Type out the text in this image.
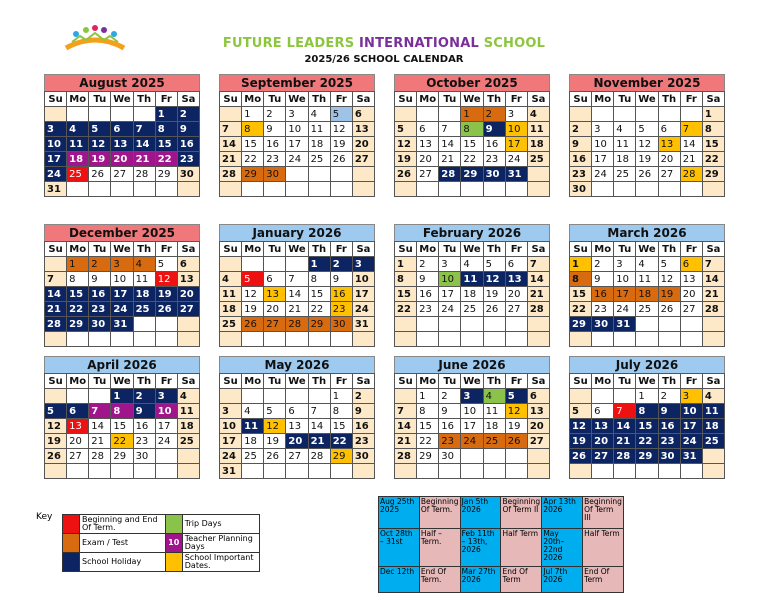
FUTURE LEADERS INTERNATIONAL SCHOOL
2025/26 SCHOOL CALENDAR
August 2025
Su	Mo	Tu	We	Th	Fr	Sa
					1	2
3	4	5	6	7	8	9
10	11	12	13	14	15	16
17	18	19	20	21	22	23
24	25	26	27	28	29	30
31						
September 2025
Su	Mo	Tu	We	Th	Fr	Sa
	1	2	3	4	5	6
7	8	9	10	11	12	13
14	15	16	17	18	19	20
21	22	23	24	25	26	27
28	29	30				

October 2025
Su	Mo	Tu	We	Th	Fr	Sa
			1	2	3	4
5	6	7	8	9	10	11
12	13	14	15	16	17	18
19	20	21	22	23	24	25
26	27	28	29	30	31	

November 2025
Su	Mo	Tu	We	Th	Fr	Sa
						1
2	3	4	5	6	7	8
9	10	11	12	13	14	15
16	17	18	19	20	21	22
23	24	25	26	27	28	29
30						
December 2025
Su	Mo	Tu	We	Th	Fr	Sa
	1	2	3	4	5	6
7	8	9	10	11	12	13
14	15	16	17	18	19	20
21	22	23	24	25	26	27
28	29	30	31			

January 2026
Su	Mo	Tu	We	Th	Fr	Sa
				1	2	3
4	5	6	7	8	9	10
11	12	13	14	15	16	17
18	19	20	21	22	23	24
25	26	27	28	29	30	31

February 2026
Su	Mo	Tu	We	Th	Fr	Sa
1	2	3	4	5	6	7
8	9	10	11	12	13	14
15	16	17	18	19	20	21
22	23	24	25	26	27	28

March 2026
Su	Mo	Tu	We	Th	Fr	Sa
1	2	3	4	5	6	7
8	9	10	11	12	13	14
15	16	17	18	19	20	21
22	23	24	25	26	27	28
29	30	31				

April 2026
Su	Mo	Tu	We	Th	Fr	Sa
			1	2	3	4
5	6	7	8	9	10	11
12	13	14	15	16	17	18
19	20	21	22	23	24	25
26	27	28	29	30		

May 2026
Su	Mo	Tu	We	Th	Fr	Sa
					1	2
3	4	5	6	7	8	9
10	11	12	13	14	15	16
17	18	19	20	21	22	23
24	25	26	27	28	29	30
31						
June 2026
Su	Mo	Tu	We	Th	Fr	Sa
	1	2	3	4	5	6
7	8	9	10	11	12	13
14	15	16	17	18	19	20
21	22	23	24	25	26	27
28	29	30				

July 2026
Su	Mo	Tu	We	Th	Fr	Sa
			1	2	3	4
5	6	7	8	9	10	11
12	13	14	15	16	17	18
19	20	21	22	23	24	25
26	27	28	29	30	31	

Key
		Beginning and End Of Term.		Trip Days
	Exam / Test	10	Teacher Planning Days
	School Holiday		School Important Dates.
Aug 25th 2025	Beginning Of Term.	Jan 5th 2026	Beginning Of Term II	Apr 13th 2026	Beginning Of Term III
Oct 28th – 31st	Half – Term.	Feb 11th – 13th, 2026	Half Term	May 20th–22nd 2026	Half Term
Dec 12th	End Of Term.	Mar 27th 2026	End Of Term	Jul 7th 2026	End Of Term
